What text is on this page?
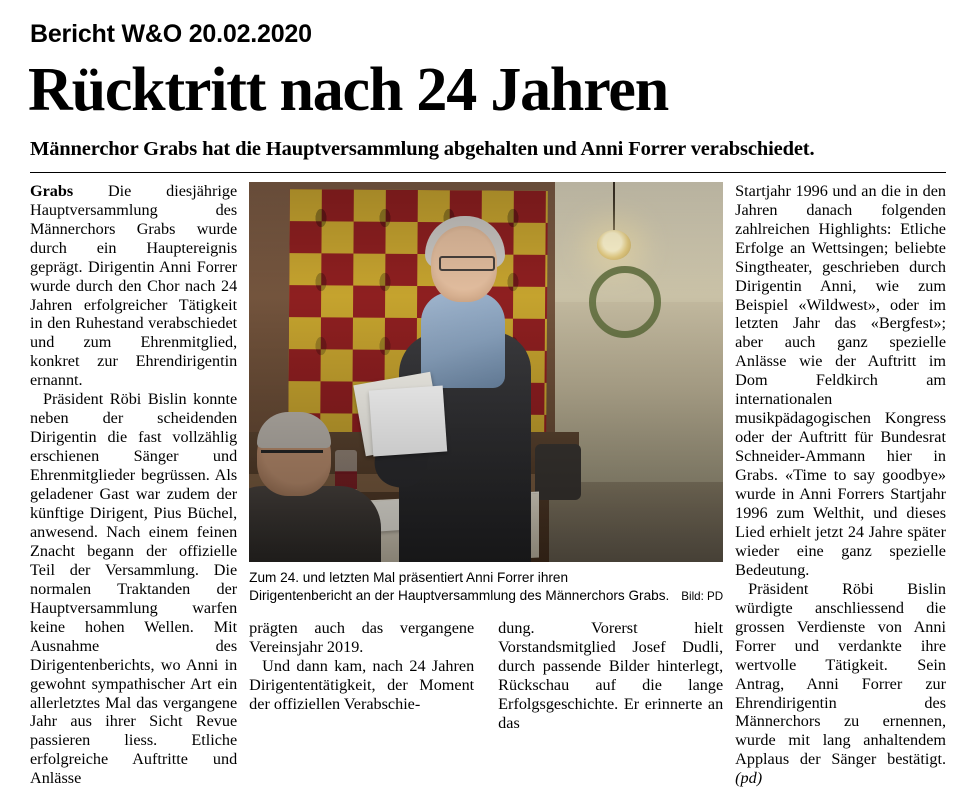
Bericht W&O 20.02.2020
Rücktritt nach 24 Jahren
Männerchor Grabs hat die Hauptversammlung abgehalten und Anni Forrer verabschiedet.

Grabs Die diesjährige Hauptversammlung des Männerchors Grabs wurde durch ein Hauptereignis geprägt. Dirigentin Anni Forrer wurde durch den Chor nach 24 Jahren erfolgreicher Tätigkeit in den Ruhestand verabschiedet und zum Ehrenmitglied, konkret zur Ehrendirigentin ernannt.

Präsident Röbi Bislin konnte neben der scheidenden Dirigentin die fast vollzählig erschienen Sänger und Ehrenmitglieder begrüssen. Als geladener Gast war zudem der künftige Dirigent, Pius Büchel, anwesend. Nach einem feinen Znacht begann der offizielle Teil der Versammlung. Die normalen Traktanden der Hauptversammlung warfen keine hohen Wellen. Mit Ausnahme des Dirigentenberichts, wo Anni in gewohnt sympathischer Art ein allerletztes Mal das vergangene Jahr aus ihrer Sicht Revue passieren liess. Etliche erfolgreiche Auftritte und Anlässe

Zum 24. und letzten Mal präsentiert Anni Forrer ihren Dirigentenbericht an der Hauptversammlung des Männerchors Grabs.	Bild: PD

prägten auch das vergangene Vereinsjahr 2019.

Und dann kam, nach 24 Jahren Dirigententätigkeit, der Moment der offiziellen Verabschie-

dung. Vorerst hielt Vorstandsmitglied Josef Dudli, durch passende Bilder hinterlegt, Rückschau auf die lange Erfolgsgeschichte. Er erinnerte an das

Startjahr 1996 und an die in den Jahren danach folgenden zahlreichen Highlights: Etliche Erfolge an Wettsingen; beliebte Singtheater, geschrieben durch Dirigentin Anni, wie zum Beispiel «Wildwest», oder im letzten Jahr das «Bergfest»; aber auch ganz spezielle Anlässe wie der Auftritt im Dom Feldkirch am internationalen musikpädagogischen Kongress oder der Auftritt für Bundesrat Schneider-Ammann hier in Grabs. «Time to say goodbye» wurde in Anni Forrers Startjahr 1996 zum Welthit, und dieses Lied erhielt jetzt 24 Jahre später wieder eine ganz spezielle Bedeutung.

Präsident Röbi Bislin würdigte anschliessend die grossen Verdienste von Anni Forrer und verdankte ihre wertvolle Tätigkeit. Sein Antrag, Anni Forrer zur Ehrendirigentin des Männerchors zu ernennen, wurde mit lang anhaltendem Applaus der Sänger bestätigt. (pd)
